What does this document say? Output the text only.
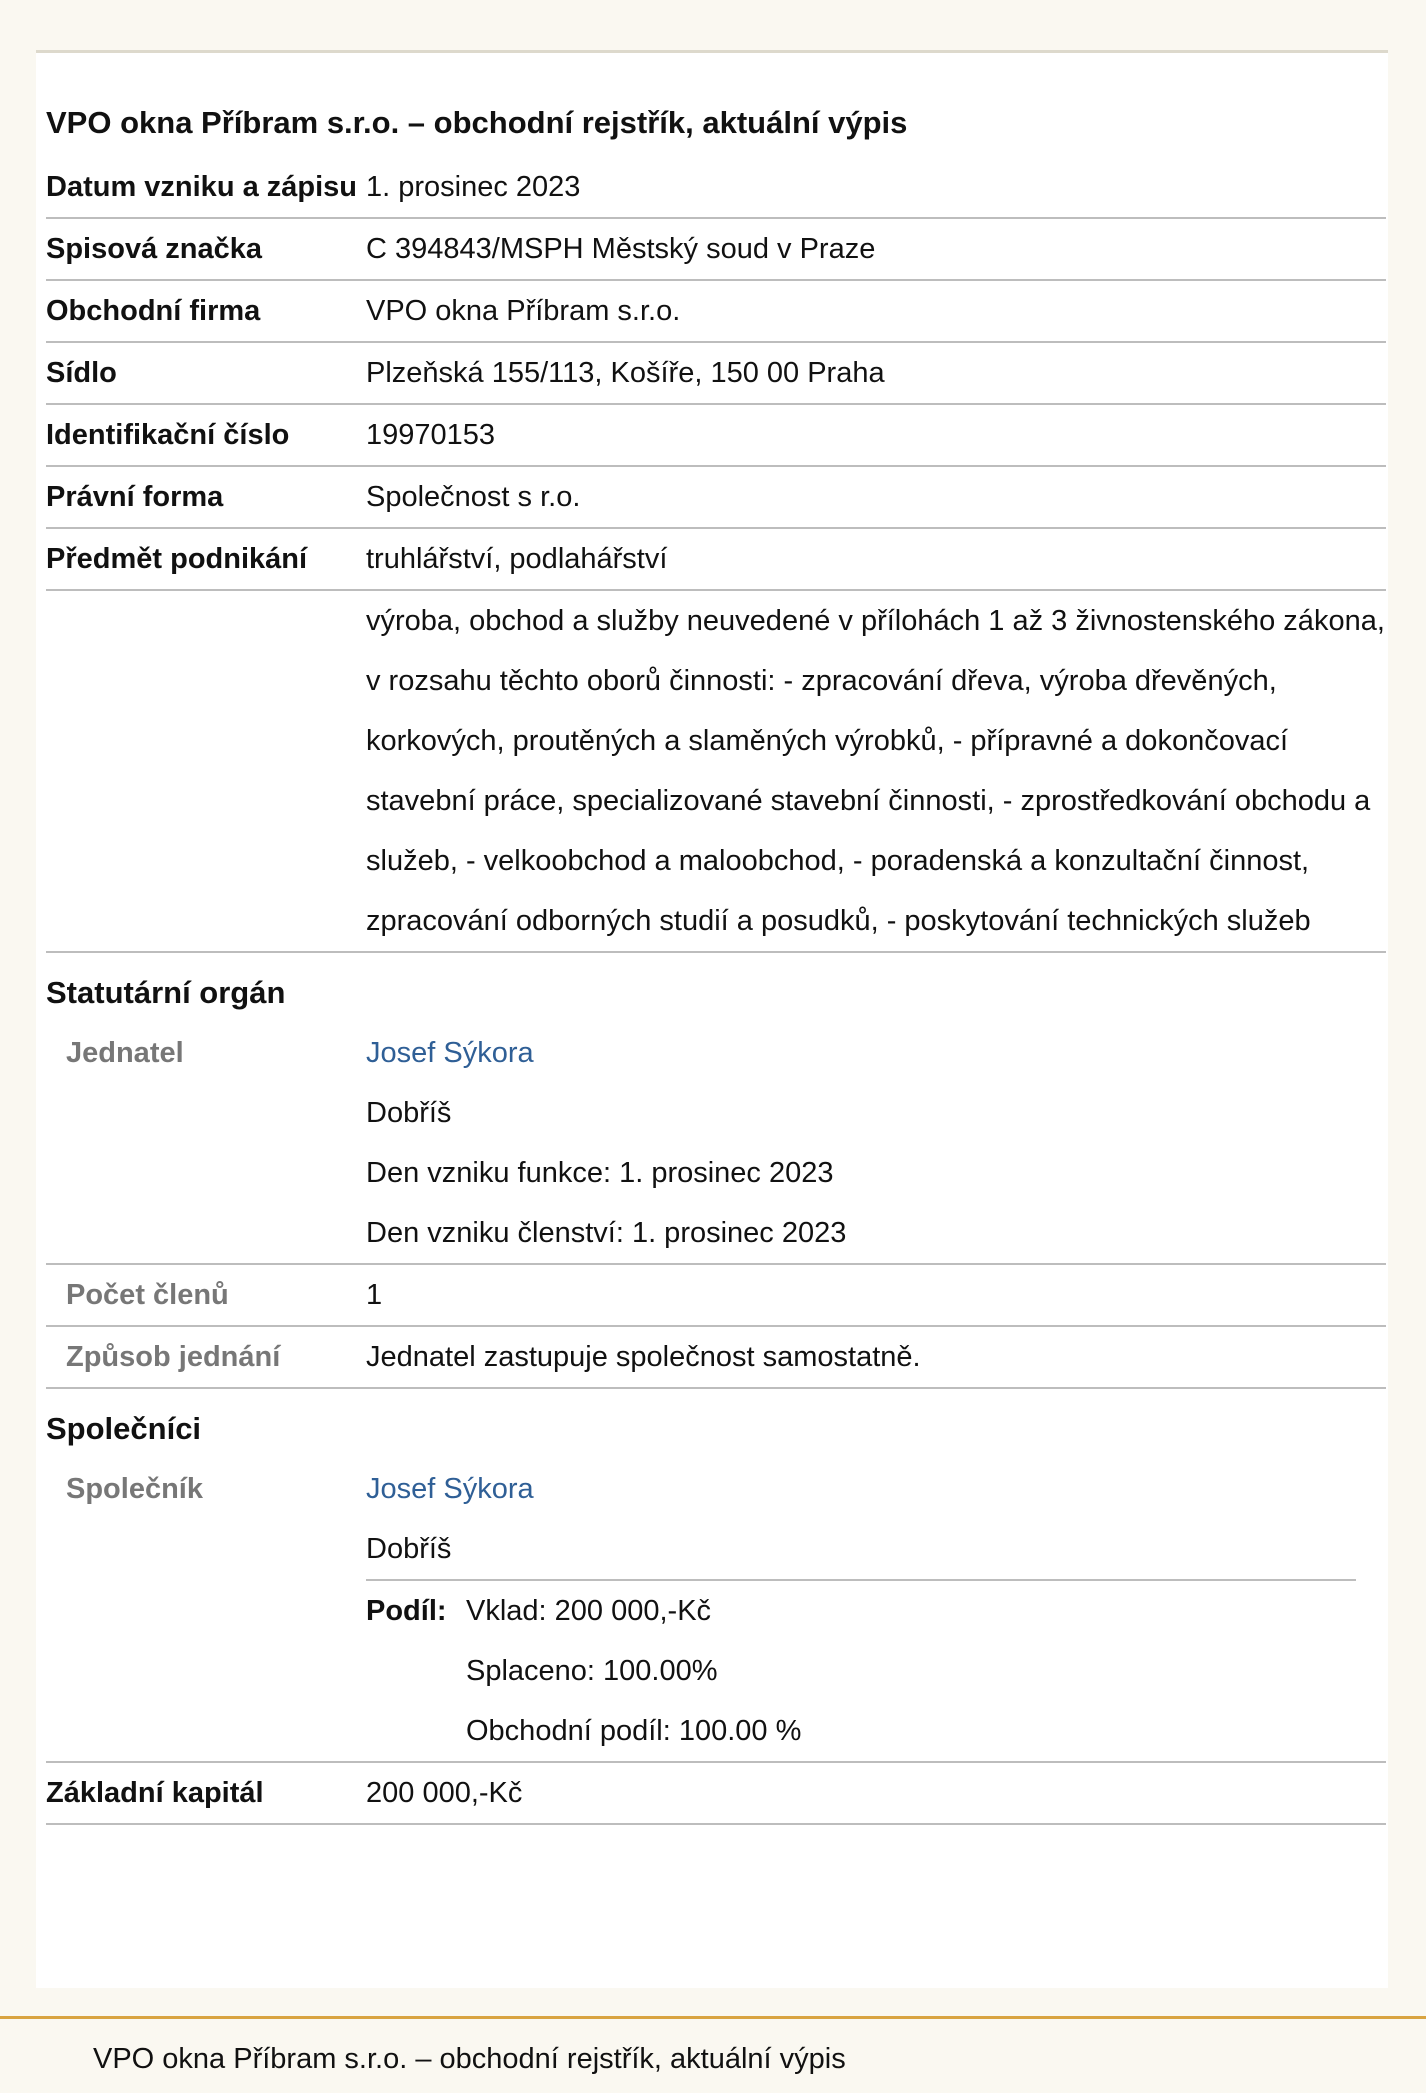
VPO okna Příbram s.r.o. – obchodní rejstřík, aktuální výpis
Datum vzniku a zápisu 1. prosinec 2023
Spisová značka	C 394843/MSPH Městský soud v Praze
Obchodní firma	VPO okna Příbram s.r.o.
Sídlo	Plzeňská 155/113, Košíře, 150 00 Praha
Identifikační číslo	19970153
Právní forma	Společnost s r.o.
Předmět podnikání	truhlářství, podlahářství
výroba, obchod a služby neuvedené v přílohách 1 až 3 živnostenského zákona, v rozsahu těchto oborů činnosti: - zpracování dřeva, výroba dřevěných, korkových, proutěných a slaměných výrobků, - přípravné a dokončovací stavební práce, specializované stavební činnosti, - zprostředkování obchodu a služeb, - velkoobchod a maloobchod, - poradenská a konzultační činnost, zpracování odborných studií a posudků, - poskytování technických služeb
Statutární orgán
Jednatel	Josef Sýkora
Dobříš
Den vzniku funkce: 1. prosinec 2023
Den vzniku členství: 1. prosinec 2023
Počet členů	1
Způsob jednání	Jednatel zastupuje společnost samostatně.
Společníci
Společník	Josef Sýkora
Dobříš
Podíl: Vklad: 200 000,-Kč
Splaceno: 100.00%
Obchodní podíl: 100.00 %
Základní kapitál	200 000,-Kč
VPO okna Příbram s.r.o. – obchodní rejstřík, aktuální výpis
